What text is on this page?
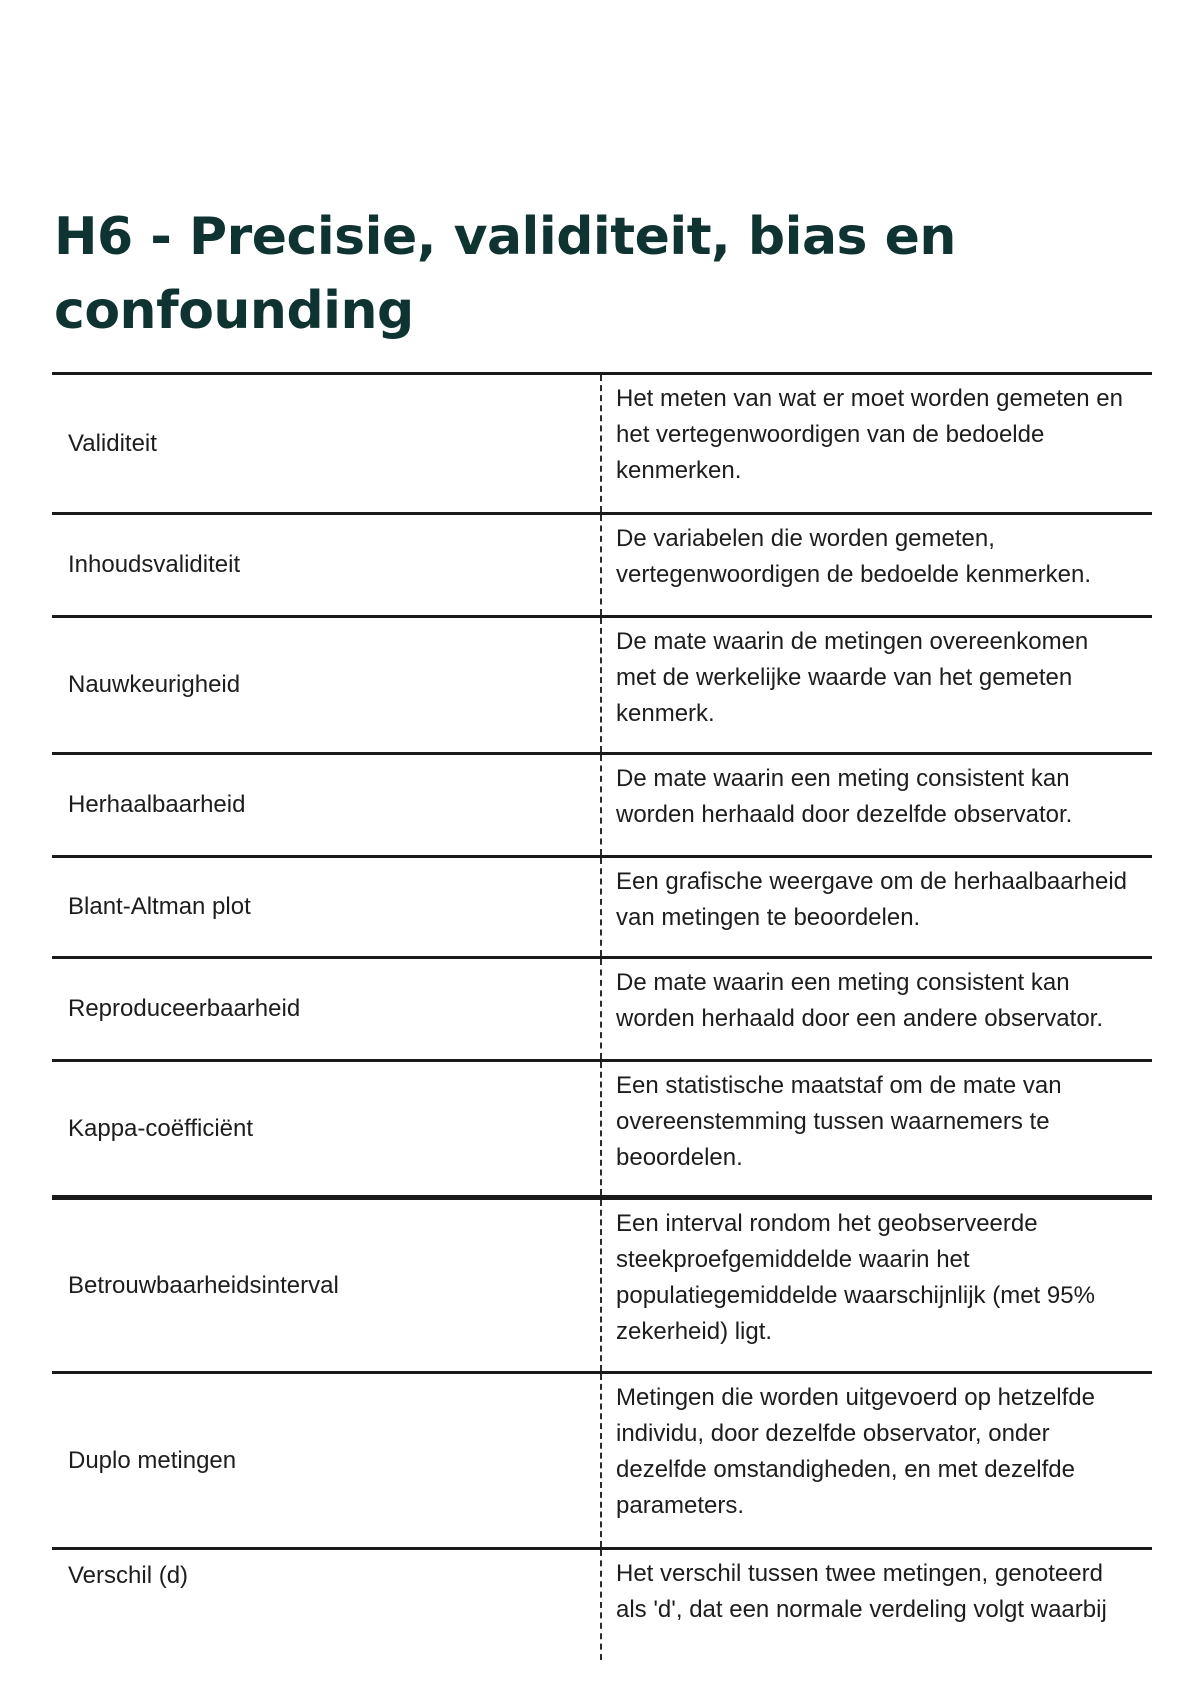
H6 - Precisie, validiteit, bias en confounding
Validiteit
Het meten van wat er moet worden gemeten en het vertegenwoordigen van de bedoelde kenmerken.
Inhoudsvaliditeit
De variabelen die worden gemeten, vertegenwoordigen de bedoelde kenmerken.
Nauwkeurigheid
De mate waarin de metingen overeenkomen met de werkelijke waarde van het gemeten kenmerk.
Herhaalbaarheid
De mate waarin een meting consistent kan worden herhaald door dezelfde observator.
Blant-Altman plot
Een grafische weergave om de herhaalbaarheid van metingen te beoordelen.
Reproduceerbaarheid
De mate waarin een meting consistent kan worden herhaald door een andere observator.
Kappa-coëfficiënt
Een statistische maatstaf om de mate van overeenstemming tussen waarnemers te beoordelen.
Betrouwbaarheidsinterval
Een interval rondom het geobserveerde steekproefgemiddelde waarin het populatiegemiddelde waarschijnlijk (met 95% zekerheid) ligt.
Duplo metingen
Metingen die worden uitgevoerd op hetzelfde individu, door dezelfde observator, onder dezelfde omstandigheden, en met dezelfde parameters.
Verschil (d)	Het verschil tussen twee metingen, genoteerd als 'd', dat een normale verdeling volgt waarbij
